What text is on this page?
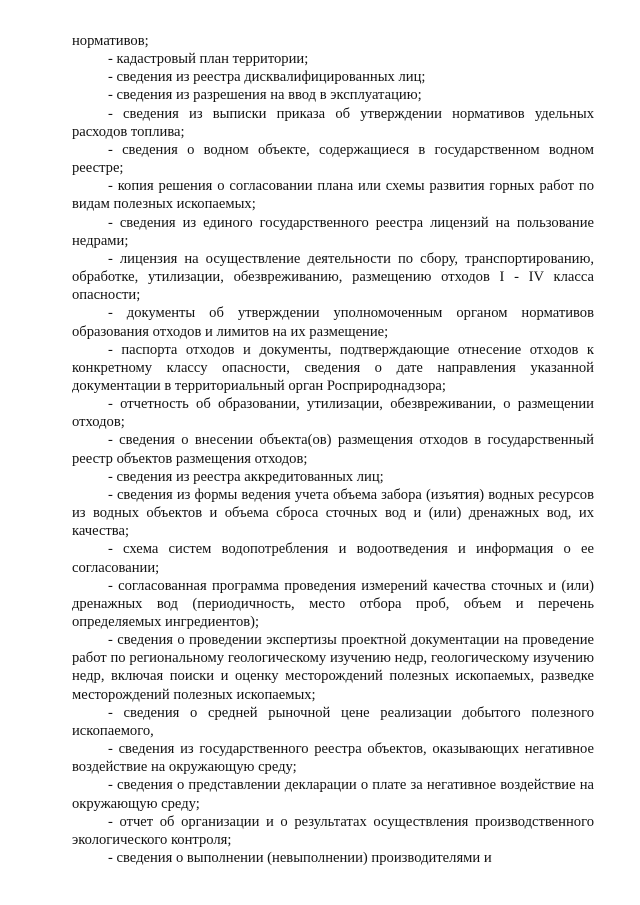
нормативов;

- кадастровый план территории;

- сведения из реестра дисквалифицированных лиц;

- сведения из разрешения на ввод в эксплуатацию;

- сведения из выписки приказа об утверждении нормативов удельных расходов топлива;

- сведения о водном объекте, содержащиеся в государственном водном реестре;

- копия решения о согласовании плана или схемы развития горных работ по видам полезных ископаемых;

- сведения из единого государственного реестра лицензий на пользование недрами;

- лицензия на осуществление деятельности по сбору, транспортированию, обработке, утилизации, обезвреживанию, размещению отходов I - IV класса опасности;

- документы об утверждении уполномоченным органом нормативов образования отходов и лимитов на их размещение;

- паспорта отходов и документы, подтверждающие отнесение отходов к конкретному классу опасности, сведения о дате направления указанной документации в территориальный орган Росприроднадзора;

- отчетность об образовании, утилизации, обезвреживании, о размещении отходов;

- сведения о внесении объекта(ов) размещения отходов в государственный реестр объектов размещения отходов;

- сведения из реестра аккредитованных лиц;

- сведения из формы ведения учета объема забора (изъятия) водных ресурсов из водных объектов и объема сброса сточных вод и (или) дренажных вод, их качества;

- схема систем водопотребления и водоотведения и информация о ее согласовании;

- согласованная программа проведения измерений качества сточных и (или) дренажных вод (периодичность, место отбора проб, объем и перечень определяемых ингредиентов);

- сведения о проведении экспертизы проектной документации на проведение работ по региональному геологическому изучению недр, геологическому изучению недр, включая поиски и оценку месторождений полезных ископаемых, разведке месторождений полезных ископаемых;

- сведения о средней рыночной цене реализации добытого полезного ископаемого,

- сведения из государственного реестра объектов, оказывающих негативное воздействие на окружающую среду;

- сведения о представлении декларации о плате за негативное воздействие на окружающую среду;

- отчет об организации и о результатах осуществления производственного экологического контроля;

- сведения о выполнении (невыполнении) производителями и
